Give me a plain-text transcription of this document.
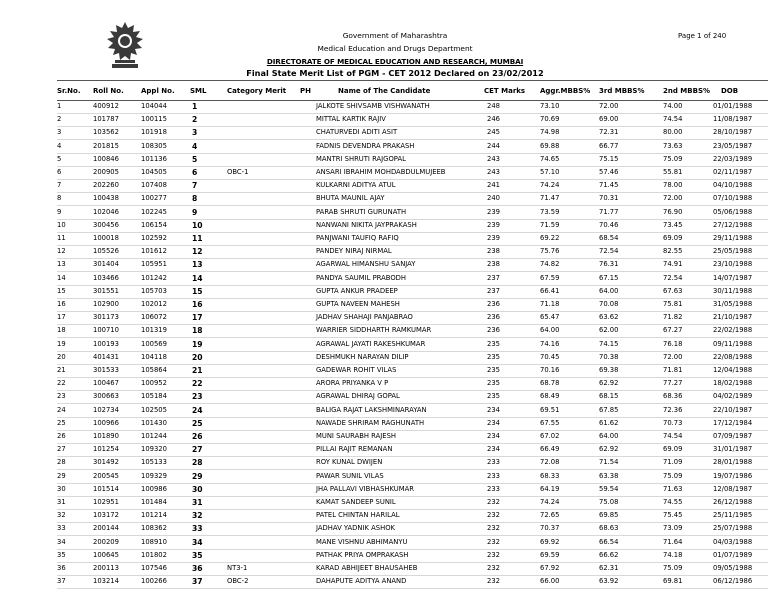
Government of Maharashtra
Medical Education and Drugs Department
DIRECTORATE OF MEDICAL EDUCATION AND RESEARCH, MUMBAI
Final State Merit List of PGM - CET 2012 Declared on 23/02/2012
Page 1 of 240
Sr.No. Roll No. Appl No. SML	Category Merit PH	Name of The Candidate	CET Marks Aggr.MBBS% 3rd MBBS%	2nd MBBS% DOB
1	400912	104044	1	JALKOTE SHIVSAMB VISHWANATH	248	73.10	72.00	74.00	01/01/1988
2	101787	100115	2	MITTAL KARTIK RAJIV	246	70.69	69.00	74.54	11/08/1987
3	103562	101918	3	CHATURVEDI ADITI ASIT	245	74.98	72.31	80.00	28/10/1987
4	201815	108305	4	FADNIS DEVENDRA PRAKASH	244	69.88	66.77	73.63	23/05/1987
5	100846	101136	5	MANTRI SHRUTI RAJGOPAL	243	74.65	75.15	75.09	22/03/1989
6	200905	104505	6	OBC-1	ANSARI IBRAHIM MOHDABDULMUJEEB	243	57.10	57.46	55.81	02/11/1987
7	202260	107408	7	KULKARNI ADITYA ATUL	241	74.24	71.45	78.00	04/10/1988
8	100438	100277	8	BHUTA MAUNIL AJAY	240	71.47	70.31	72.00	07/10/1988
9	102046	102245	9	PARAB SHRUTI GURUNATH	239	73.59	71.77	76.90	05/06/1988
10	300456	106154	10	NANWANI NIKITA JAYPRAKASH	239	71.59	70.46	73.45	27/12/1988
11	100018	102592	11	PANJWANI TAUFIQ RAFIQ	239	69.22	68.54	69.09	29/11/1988
12	105526	101612	12	PANDEY NIRAJ NIRMAL	238	75.76	72.54	82.55	25/05/1988
13	301404	105951	13	AGARWAL HIMANSHU SANJAY	238	74.82	76.31	74.91	23/10/1988
14	103466	101242	14	PANDYA SAUMIL PRABODH	237	67.59	67.15	72.54	14/07/1987
15	301551	105703	15	GUPTA ANKUR PRADEEP	237	66.41	64.00	67.63	30/11/1988
16	102900	102012	16	GUPTA NAVEEN MAHESH	236	71.18	70.08	75.81	31/05/1988
17	301173	106072	17	JADHAV SHAHAJI PANJABRAO	236	65.47	63.62	71.82	21/10/1987
18	100710	101319	18	WARRIER SIDDHARTH RAMKUMAR	236	64.00	62.00	67.27	22/02/1988
19	100193	100569	19	AGRAWAL JAYATI RAKESHKUMAR	235	74.16	74.15	76.18	09/11/1988
20	401431	104118	20	DESHMUKH NARAYAN DILIP	235	70.45	70.38	72.00	22/08/1988
21	301533	105864	21	GADEWAR ROHIT VILAS	235	70.16	69.38	71.81	12/04/1988
22	100467	100952	22	ARORA PRIYANKA V P	235	68.78	62.92	77.27	18/02/1988
23	300663	105184	23	AGRAWAL DHIRAJ GOPAL	235	68.49	68.15	68.36	04/02/1989
24	102734	102505	24	BALIGA RAJAT LAKSHMINARAYAN	234	69.51	67.85	72.36	22/10/1987
25	100966	101430	25	NAWADE SHRIRAM RAGHUNATH	234	67.55	61.62	70.73	17/12/1984
26	101890	101244	26	MUNI SAURABH RAJESH	234	67.02	64.00	74.54	07/09/1987
27	101254	109320	27	PILLAI RAJIT REMANAN	234	66.49	62.92	69.09	31/01/1987
28	301492	105133	28	ROY KUNAL DWIJEN	233	72.08	71.54	71.09	28/01/1988
29	200545	109329	29	PAWAR SUNIL VILAS	233	68.33	63.38	75.09	19/07/1986
30	101514	100986	30	JHA PALLAVI VIBHASHKUMAR	233	64.19	59.54	71.63	12/08/1987
31	102951	101484	31	KAMAT SANDEEP SUNIL	232	74.24	75.08	74.55	26/12/1988
32	103172	101214	32	PATEL CHINTAN HARILAL	232	72.65	69.85	75.45	25/11/1985
33	200144	108362	33	JADHAV YADNIK ASHOK	232	70.37	68.63	73.09	25/07/1988
34	200209	108910	34	MANE VISHNU ABHIMANYU	232	69.92	66.54	71.64	04/03/1988
35	100645	101802	35	PATHAK PRIYA OMPRAKASH	232	69.59	66.62	74.18	01/07/1989
36	200113	107546	36	NT3-1	KARAD ABHIJEET BHAUSAHEB	232	67.92	62.31	75.09	09/05/1988
37	103214	100266	37	OBC-2	DAHAPUTE ADITYA ANAND	232	66.00	63.92	69.81	06/12/1986
